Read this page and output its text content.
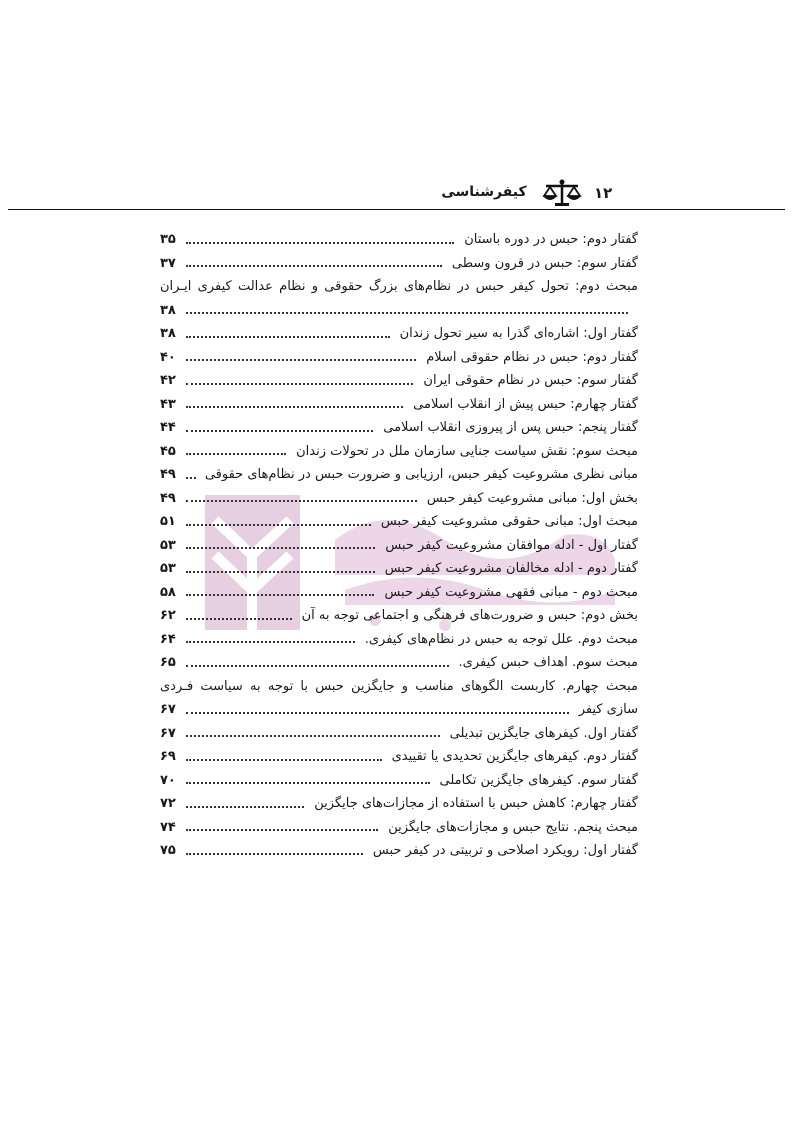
۱۲
کیفرشناسی
گفتار دوم: حبس در دوره باستان
۳۵
گفتار سوم: حبس در قرون وسطی
۳۷
مبحث دوم: تحول کیفر حبس در نظام‌های بزرگ حقوقی و نظام عدالت کیفری ایـران
۳۸
گفتار اول: اشاره‌ای گذرا به سیر تحول زندان
۳۸
گفتار دوم: حبس در نظام حقوقی اسلام
۴۰
گفتار سوم: حبس در نظام حقوقی ایران
۴۲
گفتار چهارم: حبس پیش از انقلاب اسلامی
۴۳
گفتار پنجم: حبس پس از پیروزی انقلاب اسلامی
۴۴
مبحث سوم: نقش سیاست جنایی سازمان ملل در تحولات زندان
۴۵
مبانی نظری مشروعیت کیفر حبس، ارزیابی و ضرورت حبس در نظام‌های حقوقی
۴۹
بخش اول: مبانی مشروعیت کیفر حبس
۴۹
مبحث اول: مبانی حقوقی مشروعیت کیفر حبس
۵۱
گفتار اول - ادله موافقان مشروعیت کیفر حبس
۵۳
گفتار دوم - ادله مخالفان مشروعیت کیفر حبس
۵۳
مبحث دوم - مبانی فقهی مشروعیت کیفر حبس
۵۸
بخش دوم: حبس و ضرورت‌های فرهنگی و اجتماعی توجه به آن
۶۲
مبحث دوم. علل توجه به حبس در نظام‌های کیفری.
۶۴
مبحث سوم. اهداف حبس کیفری.
۶۵
مبحث چهارم. کاربست الگوهای مناسب و جایگزین حبس با توجه به سیاست فـردی
سازی کیفر
۶۷
گفتار اول. کیفرهای جایگزین تبدیلی
۶۷
گفتار دوم. کیفرهای جایگزین تحدیدی یا تقییدی
۶۹
گفتار سوم. کیفرهای جایگزین تکاملی
۷۰
گفتار چهارم: کاهش حبس با استفاده از مجازات‌های جایگزین
۷۲
مبحث پنجم. نتایج حبس و مجازات‌های جایگزین
۷۴
گفتار اول: رویکرد اصلاحی و تربیتی در کیفر حبس
۷۵
